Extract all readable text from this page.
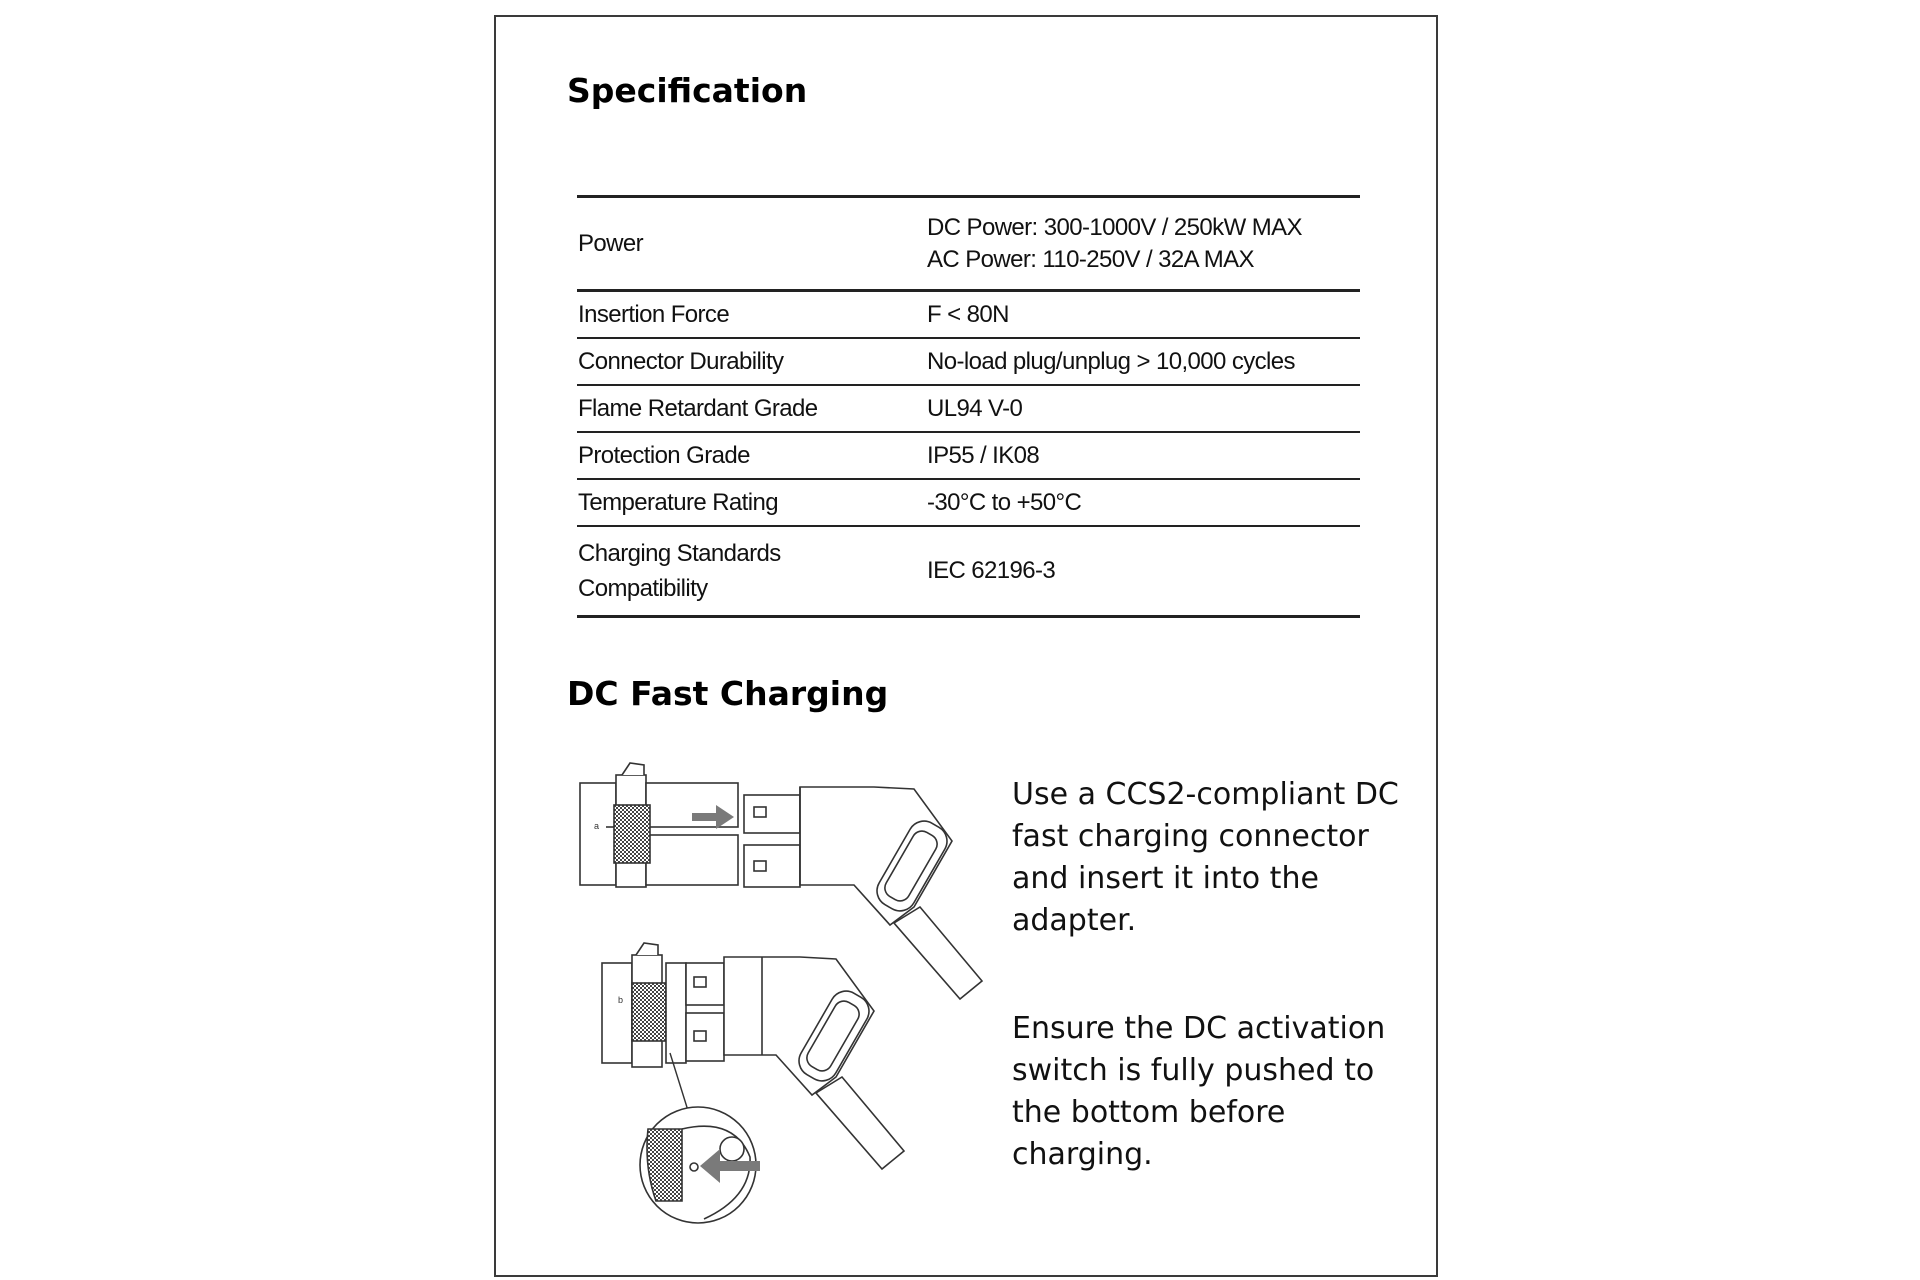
Specification
Power	DC Power: 300-1000V / 250kW MAX
AC Power: 110-250V / 32A MAX

Insertion Force	F < 80N
Connector Durability	No-load plug/unplug > 10,000 cycles
Flame Retardant Grade	UL94 V-0
Protection Grade	IP55 / IK08
Temperature Rating	-30°C to +50°C

Charging Standards
Compatibility	IEC 62196-3
DC Fast Charging
a
b

Use a CCS2-compliant DC fast charging connector and insert it into the adapter.

Ensure the DC activation switch is fully pushed to the bottom before charging.
